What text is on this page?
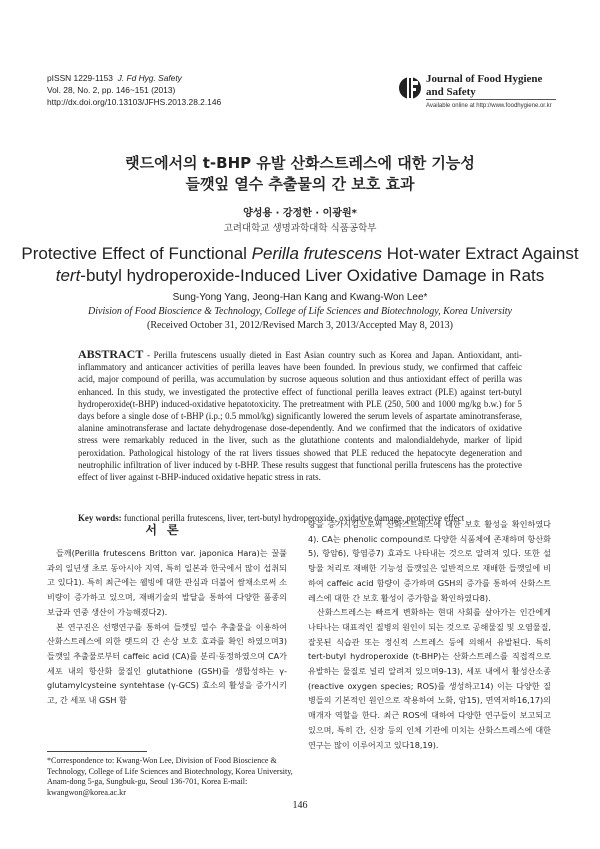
pISSN 1229-1153 J. Fd Hyg. Safety
Vol. 28, No. 2, pp. 146~151 (2013)
http://dx.doi.org/10.13103/JFHS.2013.28.2.146
Journal of Food Hygiene
and Safety
Available online at http://www.foodhygiene.or.kr
랫드에서의 t-BHP 유발 산화스트레스에 대한 기능성
들깻잎 열수 추출물의 간 보호 효과
양성용 · 강정한 · 이광원*
고려대학교 생명과학대학 식품공학부
Protective Effect of Functional Perilla frutescens Hot-water Extract Against
tert-butyl hydroperoxide-Induced Liver Oxidative Damage in Rats
Sung-Yong Yang, Jeong-Han Kang and Kwang-Won Lee*
Division of Food Bioscience & Technology, College of Life Sciences and Biotechnology, Korea University
(Received October 31, 2012/Revised March 3, 2013/Accepted May 8, 2013)
ABSTRACT - Perilla frutescens usually dieted in East Asian country such as Korea and Japan. Antioxidant, anti-inflammatory and anticancer activities of perilla leaves have been founded. In previous study, we confirmed that caffeic acid, major compound of perilla, was accumulation by sucrose aqueous solution and thus antioxidant effect of perilla was enhanced. In this study, we investigated the protective effect of functional perilla leaves extract (PLE) against tert-butyl hydroperoxide(t-BHP) induced-oxidative hepatotoxicity. The pretreatment with PLE (250, 500 and 1000 mg/kg b.w.) for 5 days before a single dose of t-BHP (i.p.; 0.5 mmol/kg) significantly lowered the serum levels of aspartate aminotransferase, alanine aminotransferase and lactate dehydrogenase dose-dependently. And we confirmed that the indicators of oxidative stress were remarkably reduced in the liver, such as the glutathione contents and malondialdehyde, marker of lipid peroxidation. Pathological histology of the rat livers tissues showed that PLE reduced the hepatocyte degeneration and neutrophilic infiltration of liver induced by t-BHP. These results suggest that functional perilla frutescens has the protective effect of liver against t-BHP-induced oxidative hepatic stress in rats.
Key words: functional perilla frutescens, liver, tert-butyl hydroperoxide, oxidative damage, protective effect
서론

들깨(Perilla frutescens Britton var. japonica Hara)는 꿀풀과의 일년생 초로 동아시아 지역, 특히 일본과 한국에서 많이 섭취되고 있다1). 특히 최근에는 웰빙에 대한 관심과 더불어 쌈채소로써 소비량이 증가하고 있으며, 재배기술의 발달을 통하여 다양한 품종의 보급과 연중 생산이 가능해졌다2).

본 연구진은 선행연구를 통하여 들깻잎 열수 추출물을 이용하여 산화스트레스에 의한 랫드의 간 손상 보호 효과를 확인 하였으며3) 들깻잎 추출물로부터 caffeic acid (CA)를 분리·동정하였으며 CA가 세포 내의 항산화 물질인 glutathione (GSH)를 생합성하는 γ-glutamylcysteine syntehtase (γ-GCS) 효소의 활성을 증가시키고, 간 세포 내 GSH 함

량을 증가시킴으로써 산화스트레스에 대한 보호 활성을 확인하였다4). CA는 phenolic compound로 다양한 식품체에 존재하며 항산화5), 항암6), 항염증7) 효과도 나타내는 것으로 알려져 있다. 또한 설탕물 처리로 재배한 기능성 들깻잎은 일반적으로 재배한 들깻잎에 비하여 caffeic acid 함량이 증가하며 GSH의 증가를 통하여 산화스트레스에 대한 간 보호 활성이 증가함을 확인하였다8).

산화스트레스는 빠르게 변화하는 현대 사회를 살아가는 인간에게 나타나는 대표적인 질병의 원인이 되는 것으로 공해물질 및 오염물질, 잘못된 식습관 또는 정신적 스트레스 등에 의해서 유발된다. 특히 tert-butyl hydroperoxide (t-BHP)는 산화스트레스를 직접적으로 유발하는 물질로 널리 알려져 있으며9-13), 세포 내에서 활성산소종(reactive oxygen species; ROS)를 생성하고14) 이는 다양한 질병들의 기본적인 원인으로 작용하여 노화, 암15), 면역저하16,17)의 매개자 역할을 한다. 최근 ROS에 대하여 다양한 연구들이 보고되고 있으며, 특히 간, 신장 등의 인체 기관에 미치는 산화스트레스에 대한 연구는 많이 이루어지고 있다18,19).

*Correspondence to: Kwang-Won Lee, Division of Food Bioscience & Technology, College of Life Sciences and Biotechnology, Korea University, Anam-dong 5-ga, Sungbuk-gu, Seoul 136-701, Korea E-mail: kwangwon@korea.ac.kr
146
